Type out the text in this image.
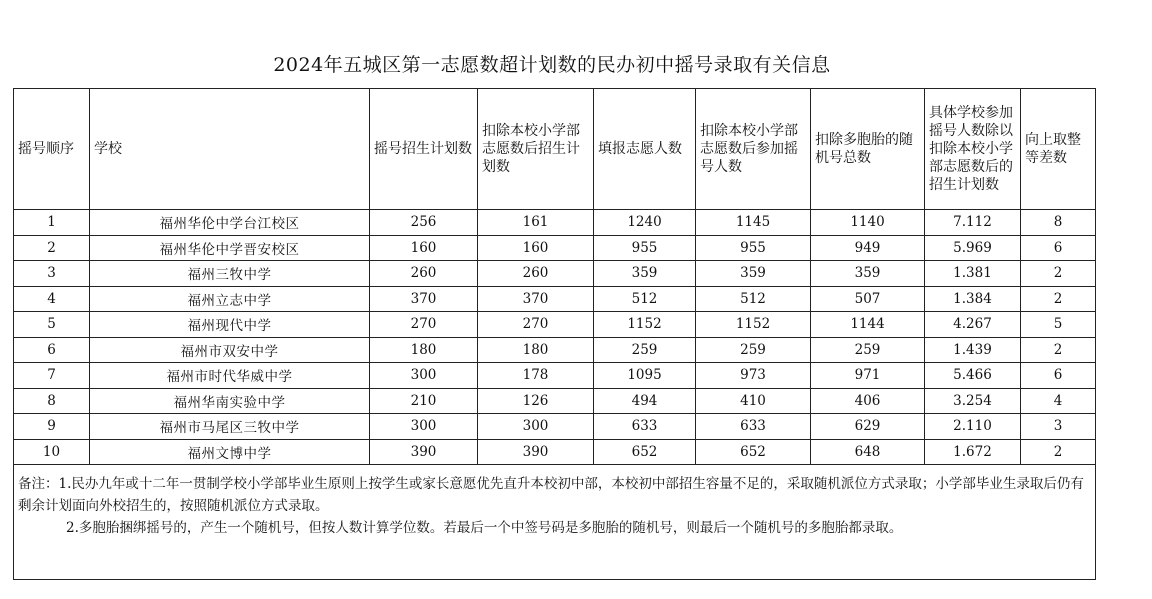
2024年五城区第一志愿数超计划数的民办初中摇号录取有关信息
摇号顺序	学校	摇号招生计划数	扣除本校小学部志愿数后招生计划数	填报志愿人数	扣除本校小学部志愿数后参加摇号人数	扣除多胞胎的随机号总数	具体学校参加摇号人数除以扣除本校小学部志愿数后的招生计划数	向上取整等差数
1	福州华伦中学台江校区	256	161	1240	1145	1140	7.112	8
2	福州华伦中学晋安校区	160	160	955	955	949	5.969	6
3	福州三牧中学	260	260	359	359	359	1.381	2
4	福州立志中学	370	370	512	512	507	1.384	2
5	福州现代中学	270	270	1152	1152	1144	4.267	5
6	福州市双安中学	180	180	259	259	259	1.439	2
7	福州市时代华威中学	300	178	1095	973	971	5.466	6
8	福州华南实验中学	210	126	494	410	406	3.254	4
9	福州市马尾区三牧中学	300	300	633	633	629	2.110	3
10	福州文博中学	390	390	652	652	648	1.672	2

备注：1.民办九年或十二年一贯制学校小学部毕业生原则上按学生或家长意愿优先直升本校初中部，本校初中部招生容量不足的，采取随机派位方式录取；小学部毕业生录取后仍有剩余计划面向外校招生的，按照随机派位方式录取。
2.多胞胎捆绑摇号的，产生一个随机号，但按人数计算学位数。若最后一个中签号码是多胞胎的随机号，则最后一个随机号的多胞胎都录取。								
